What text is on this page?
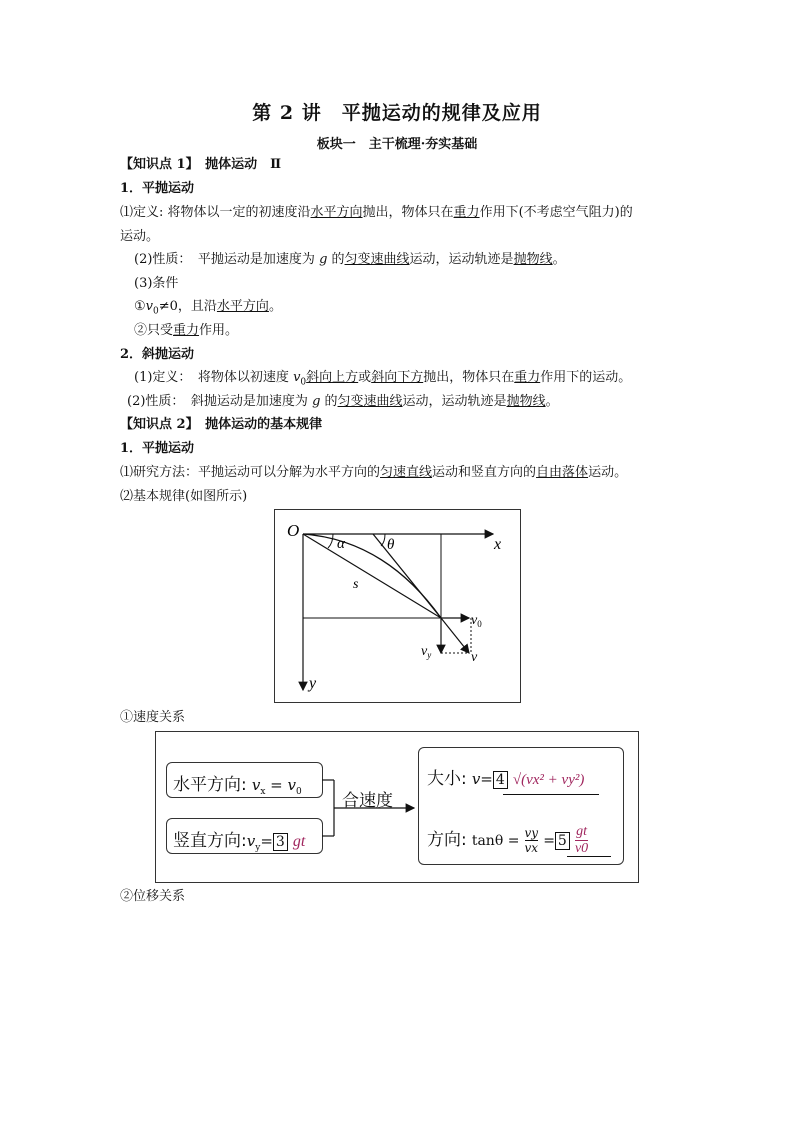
第 2 讲　平抛运动的规律及应用
板块一　主干梳理·夯实基础
【知识点 1】　抛体运动　Ⅱ
1．平抛运动
⑴定义: 将物体以一定的初速度沿水平方向抛出，物体只在重力作用下(不考虑空气阻力)的
运动。
(2)性质：　平抛运动是加速度为 g 的匀变速曲线运动，运动轨迹是抛物线。
(3)条件
$①v_0\ne 0$，且沿水平方向。
②只受重力作用。
2．斜抛运动
(1)定义：　将物体以初速度 $v_0$斜向上方或斜向下方抛出，物体只在重力作用下的运动。
(2)性质：　斜抛运动是加速度为 g 的匀变速曲线运动，运动轨迹是抛物线。
【知识点 2】　抛体运动的基本规律
1．平抛运动
⑴研究方法：平抛运动可以分解为水平方向的匀速直线运动和竖直方向的自由落体运动。
⑵基本规律(如图所示)
O
x
y
α	θ
s
$v_0$
$v_y$	v
①速度关系
水平方向: $v_x = v_0$
竖直方向$:v_y= 3$ gt
合速度
大小: v= 4 √(vx² + vy²)
方向: $\tan\theta = \frac{vy}{vx} = 5 \frac{gt}{v0}$
②位移关系
